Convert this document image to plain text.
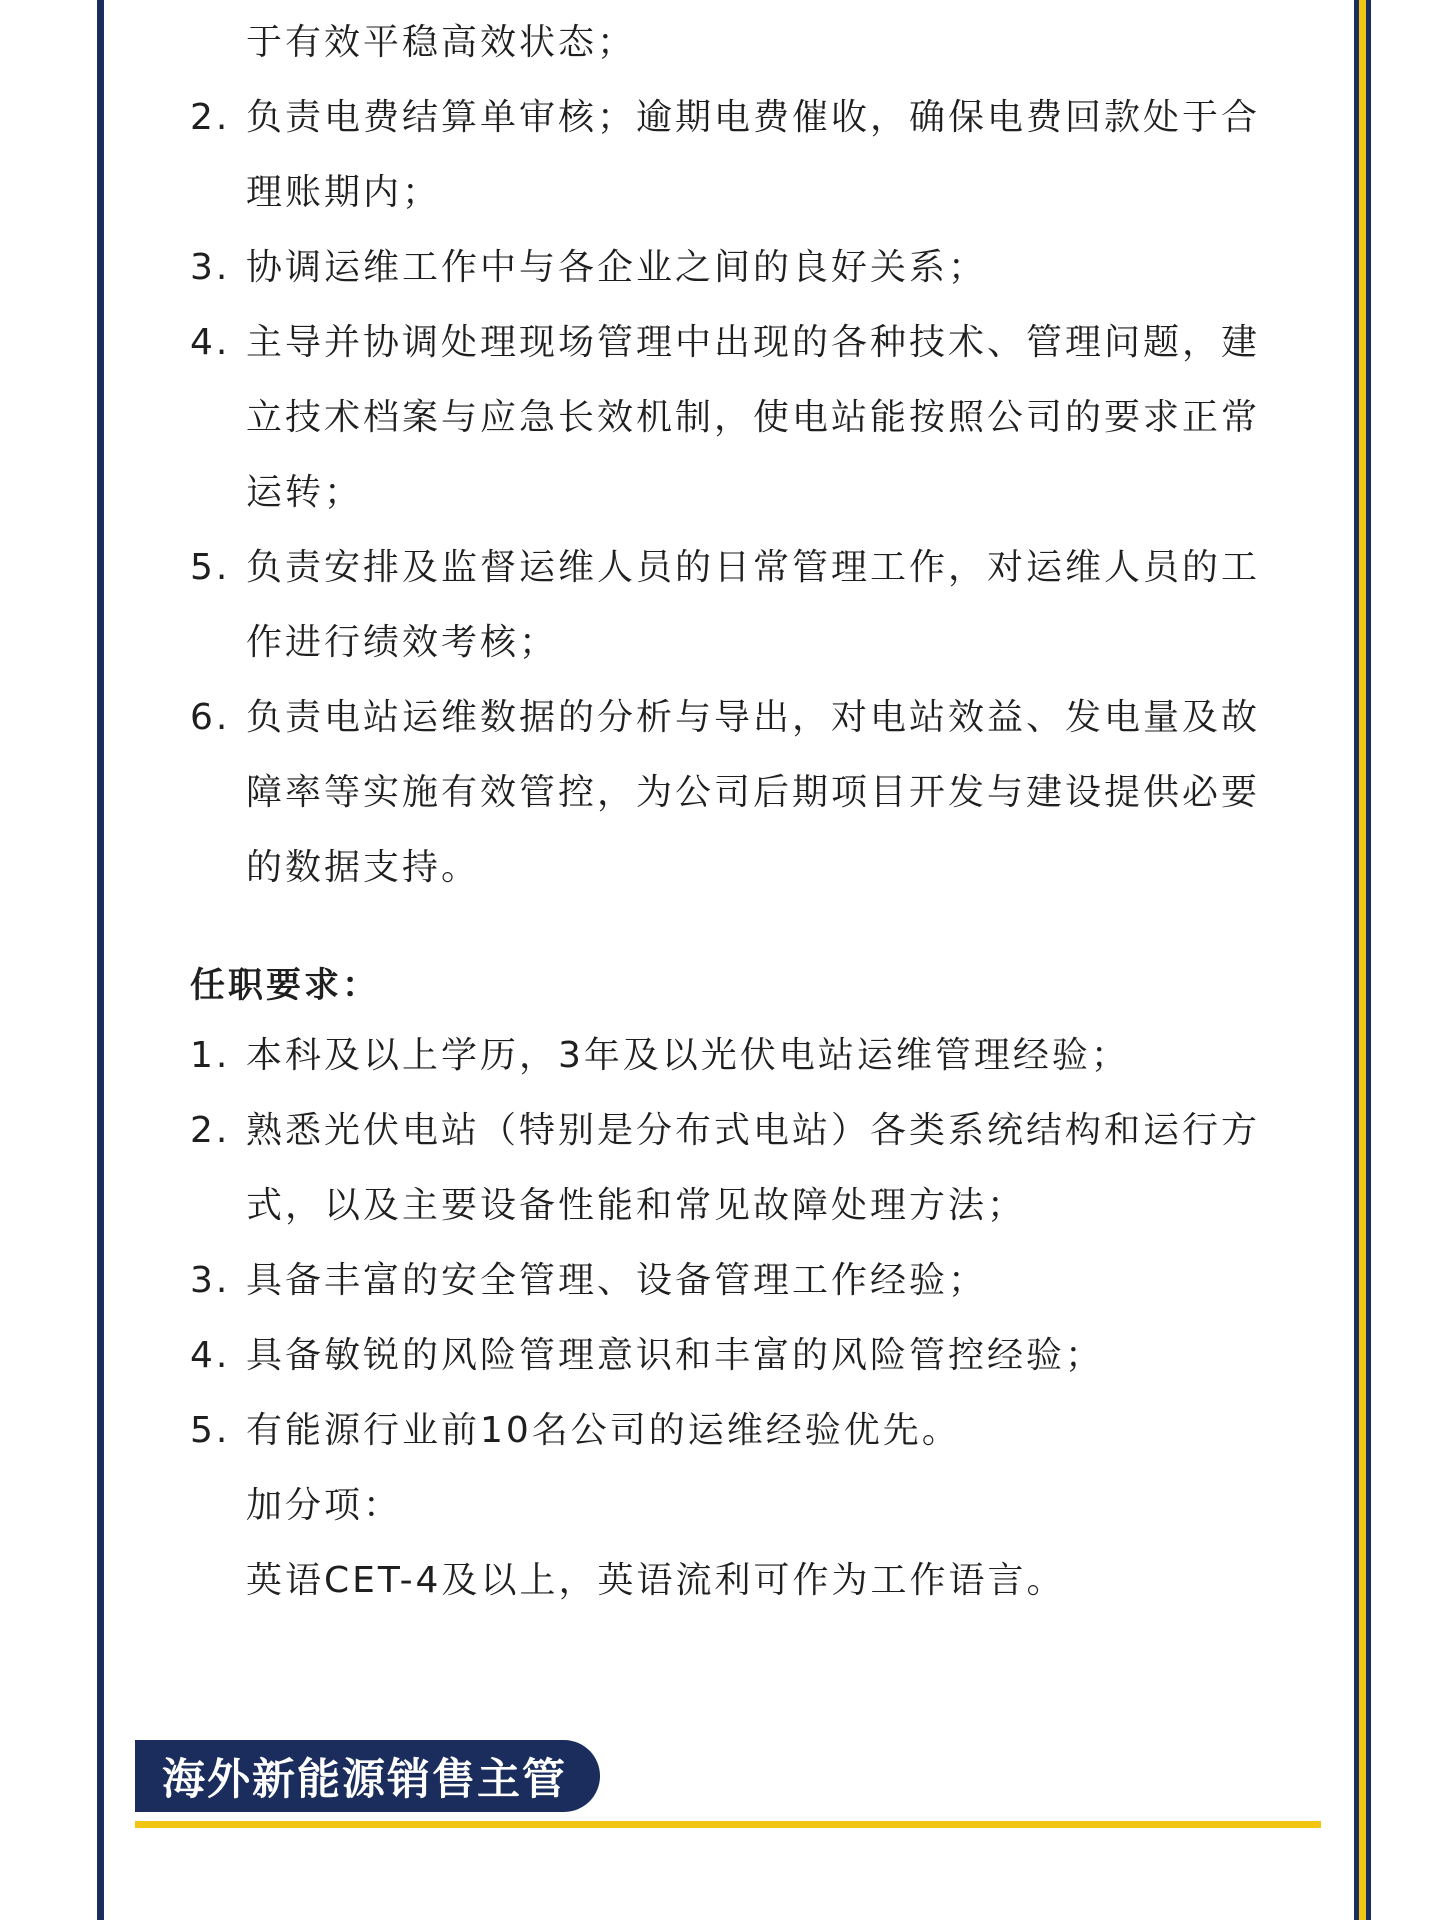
于有效平稳高效状态；
2. 负责电费结算单审核；逾期电费催收，确保电费回款处于合
理账期内；
3. 协调运维工作中与各企业之间的良好关系；
4. 主导并协调处理现场管理中出现的各种技术、管理问题，建
立技术档案与应急长效机制，使电站能按照公司的要求正常
运转；
5. 负责安排及监督运维人员的日常管理工作，对运维人员的工
作进行绩效考核；
6. 负责电站运维数据的分析与导出，对电站效益、发电量及故
障率等实施有效管控，为公司后期项目开发与建设提供必要
的数据支持。
任职要求：
1. 本科及以上学历，3年及以光伏电站运维管理经验；
2. 熟悉光伏电站（特别是分布式电站）各类系统结构和运行方
式，以及主要设备性能和常见故障处理方法；
3. 具备丰富的安全管理、设备管理工作经验；
4. 具备敏锐的风险管理意识和丰富的风险管控经验；
5. 有能源行业前10名公司的运维经验优先。
加分项：
英语CET-4及以上，英语流利可作为工作语言。
海外新能源销售主管
